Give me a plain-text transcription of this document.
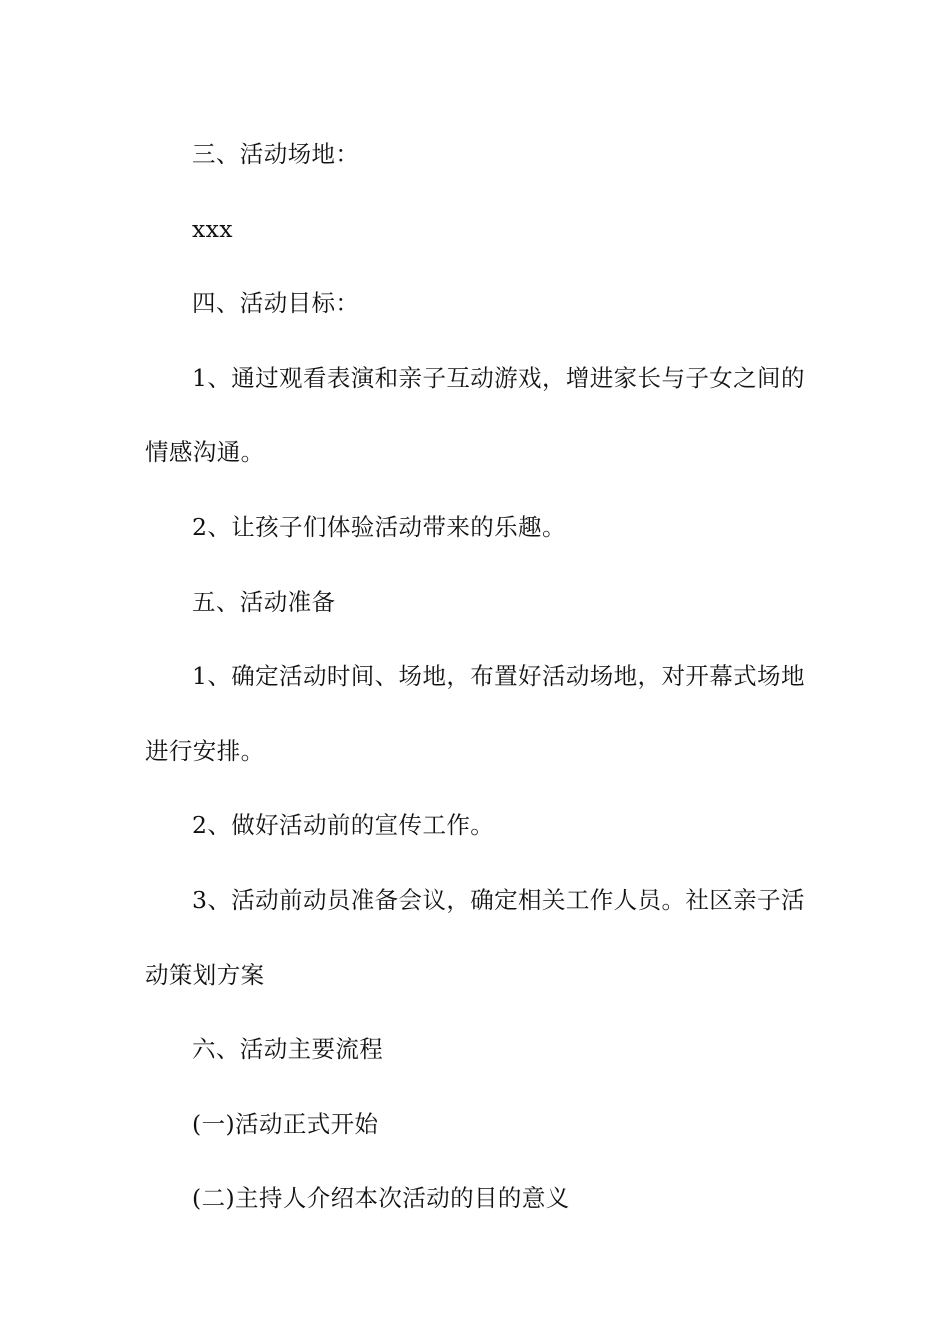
三、活动场地：
xxx
四、活动目标：
1、通过观看表演和亲子互动游戏，增进家长与子女之间的
情感沟通。
2、让孩子们体验活动带来的乐趣。
五、活动准备
1、确定活动时间、场地，布置好活动场地，对开幕式场地
进行安排。
2、做好活动前的宣传工作。
3、活动前动员准备会议，确定相关工作人员。社区亲子活
动策划方案
六、活动主要流程
(一)活动正式开始
(二)主持人介绍本次活动的目的意义
